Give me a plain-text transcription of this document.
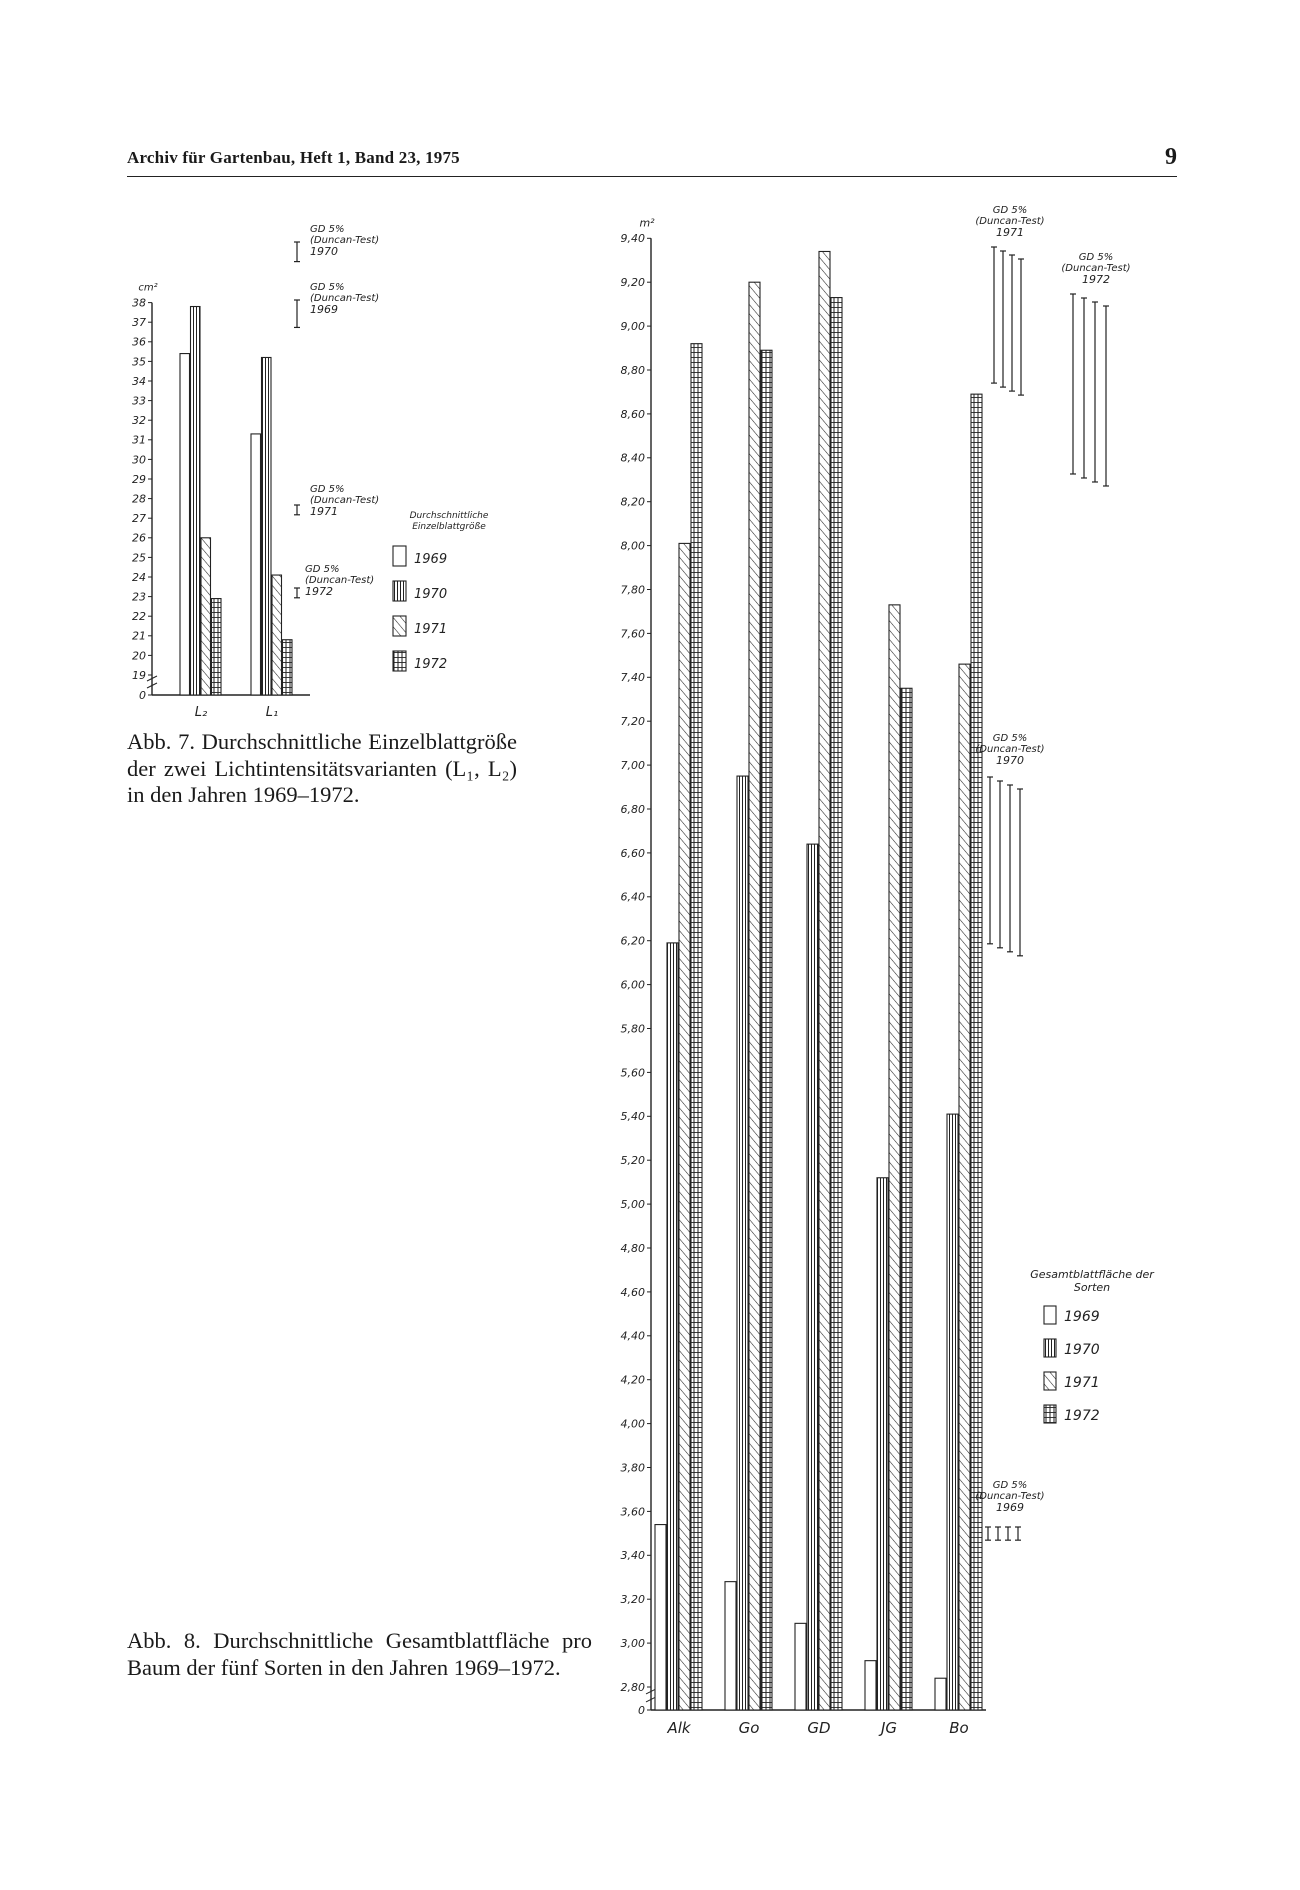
Archiv für Gartenbau, Heft 1, Band 23, 1975	9
cm²
0
19
20
21
22
23
24
25
26
27
28
29
30
31
32
33
34
35
36
37
38
L₂	L₁
Durchschnittliche
Einzelblattgröße
1969
1970
1971
1972
GD 5%
(Duncan-Test)
1970
GD 5%
(Duncan-Test)
1969
GD 5%
(Duncan-Test)
1971
GD 5%
(Duncan-Test)
1972
m²
0
2,80
3,00
3,20
3,40
3,60
3,80
4,00
4,20
4,40
4,60
4,80
5,00
5,20
5,40
5,60
5,80
6,00
6,20
6,40
6,60
6,80
7,00
7,20
7,40
7,60
7,80
8,00
8,20
8,40
8,60
8,80
9,00
9,20
9,40
Alk	Go	GD	JG	Bo
Gesamtblattfläche der
Sorten
1969
1970
1971
1972
GD 5%
(Duncan-Test)
1971
GD 5%
(Duncan-Test)
1972
GD 5%
(Duncan-Test)
1970
GD 5%
(Duncan-Test)
1969
Abb. 7. Durchschnittliche Einzelblattgröße der zwei Lichtintensitätsvarianten (L₁, L₂) in den Jahren 1969–1972.
Abb. 8. Durchschnittliche Gesamtblattfläche pro Baum der fünf Sorten in den Jahren 1969–1972.
